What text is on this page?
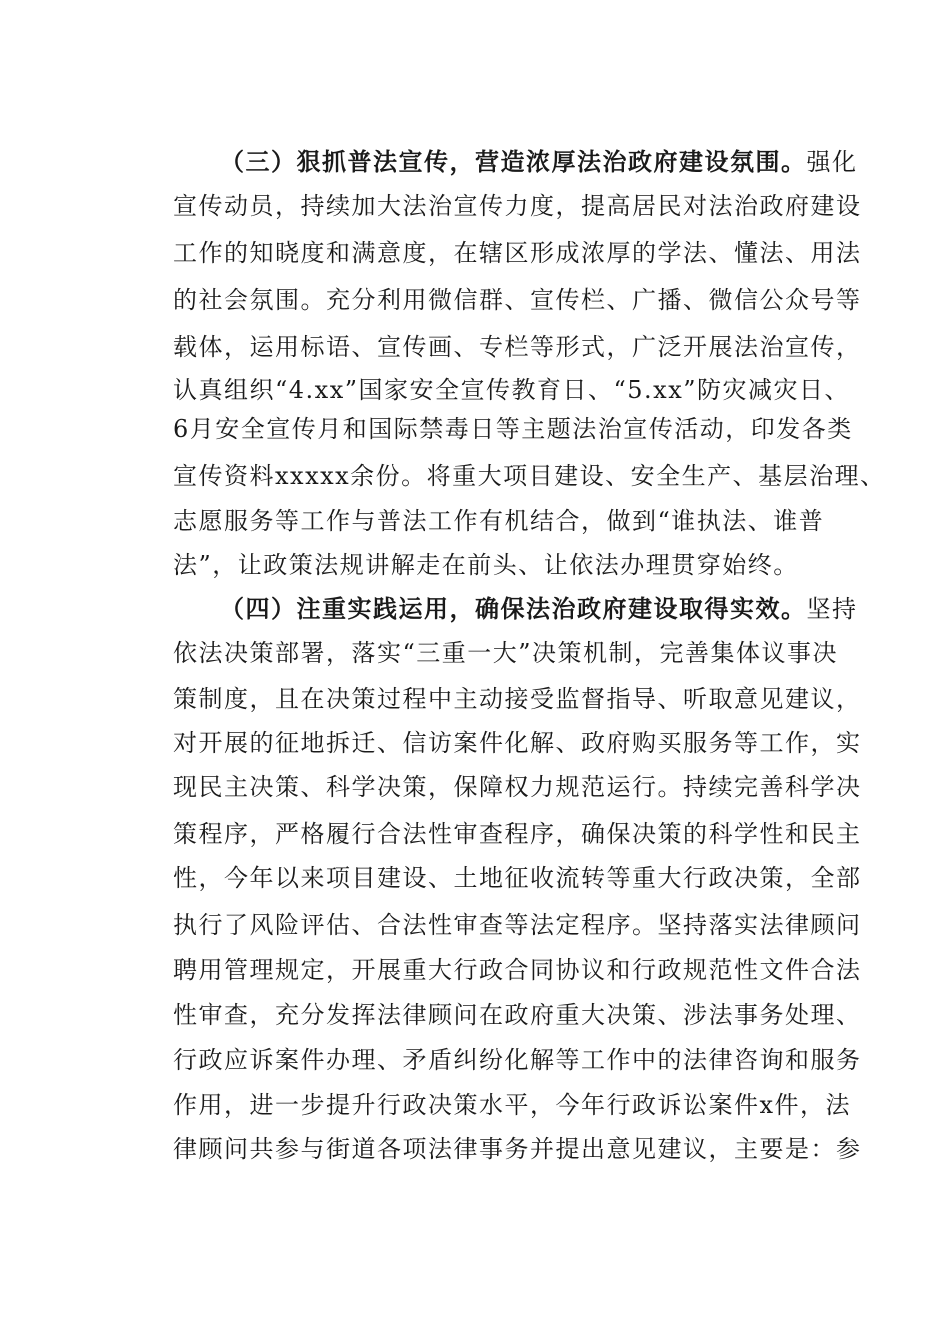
（三）狠抓普法宣传，营造浓厚法治政府建设氛围。强化
宣传动员，持续加大法治宣传力度，提高居民对法治政府建设
工作的知晓度和满意度，在辖区形成浓厚的学法、懂法、用法
的社会氛围。充分利用微信群、宣传栏、广播、微信公众号等
载体，运用标语、宣传画、专栏等形式，广泛开展法治宣传，
认真组织“4.xx”国家安全宣传教育日、“5.xx”防灾减灾日、
6月安全宣传月和国际禁毒日等主题法治宣传活动，印发各类
宣传资料xxxxx余份。将重大项目建设、安全生产、基层治理、
志愿服务等工作与普法工作有机结合，做到“谁执法、谁普
法”，让政策法规讲解走在前头、让依法办理贯穿始终。
（四）注重实践运用，确保法治政府建设取得实效。坚持
依法决策部署，落实“三重一大”决策机制，完善集体议事决
策制度，且在决策过程中主动接受监督指导、听取意见建议，
对开展的征地拆迁、信访案件化解、政府购买服务等工作，实
现民主决策、科学决策，保障权力规范运行。持续完善科学决
策程序，严格履行合法性审查程序，确保决策的科学性和民主
性，今年以来项目建设、土地征收流转等重大行政决策，全部
执行了风险评估、合法性审查等法定程序。坚持落实法律顾问
聘用管理规定，开展重大行政合同协议和行政规范性文件合法
性审查，充分发挥法律顾问在政府重大决策、涉法事务处理、
行政应诉案件办理、矛盾纠纷化解等工作中的法律咨询和服务
作用，进一步提升行政决策水平，今年行政诉讼案件x件，法
律顾问共参与街道各项法律事务并提出意见建议，主要是：参
